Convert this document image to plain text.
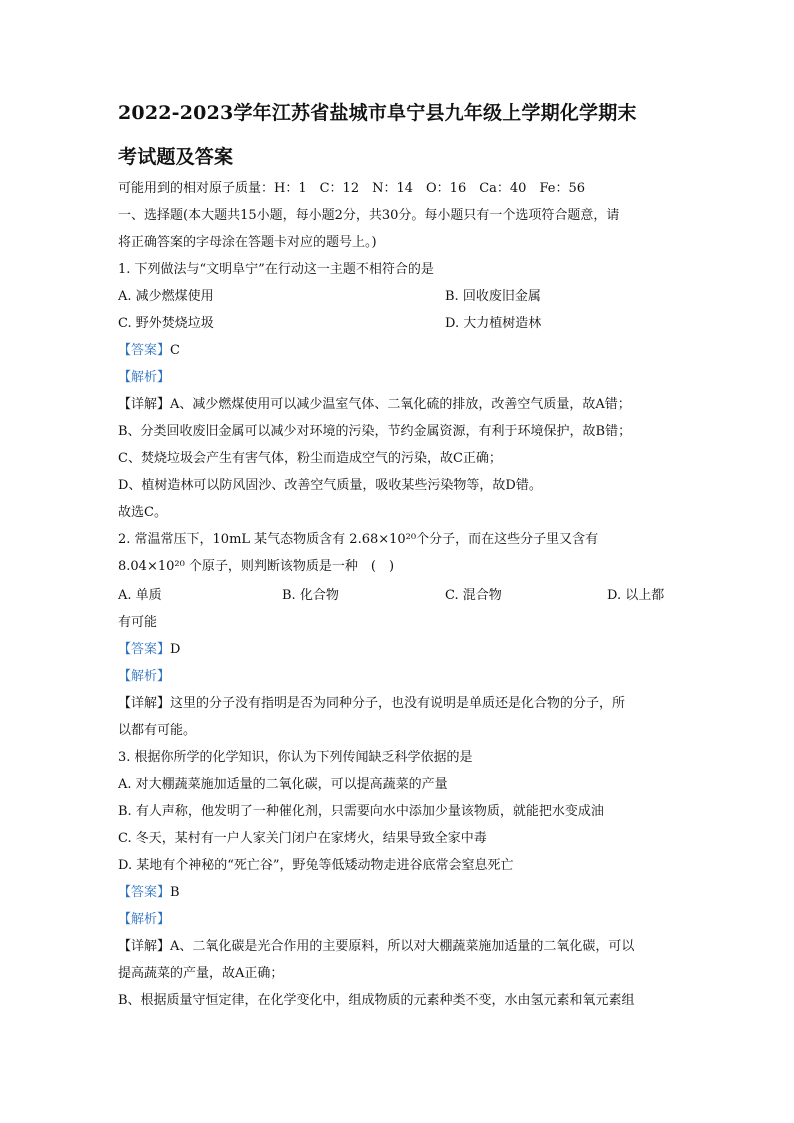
2022-2023学年江苏省盐城市阜宁县九年级上学期化学期末
考试题及答案
可能用到的相对原子质量：H：1　C：12　N：14　O：16　Ca：40　Fe：56
一、选择题(本大题共15小题，每小题2分，共30分。每小题只有一个选项符合题意，请
将正确答案的字母涂在答题卡对应的题号上。)
1. 下列做法与“文明阜宁”在行动这一主题不相符合的是
A. 减少燃煤使用	B. 回收废旧金属
C. 野外焚烧垃圾	D. 大力植树造林
【答案】C
【解析】
【详解】A、减少燃煤使用可以减少温室气体、二氧化硫的排放，改善空气质量，故A错；
B、分类回收废旧金属可以减少对环境的污染，节约金属资源，有利于环境保护，故B错；
C、焚烧垃圾会产生有害气体，粉尘而造成空气的污染，故C正确；
D、植树造林可以防风固沙、改善空气质量，吸收某些污染物等，故D错。
故选C。
2. 常温常压下，10mL 某气态物质含有 2.68×10²⁰个分子，而在这些分子里又含有
8.04×10²⁰ 个原子，则判断该物质是一种　(　)
A. 单质	B. 化合物	C. 混合物	D. 以上都
有可能
【答案】D
【解析】
【详解】这里的分子没有指明是否为同种分子，也没有说明是单质还是化合物的分子，所
以都有可能。
3. 根据你所学的化学知识，你认为下列传闻缺乏科学依据的是
A. 对大棚蔬菜施加适量的二氧化碳，可以提高蔬菜的产量
B. 有人声称，他发明了一种催化剂，只需要向水中添加少量该物质，就能把水变成油
C. 冬天，某村有一户人家关门闭户在家烤火，结果导致全家中毒
D. 某地有个神秘的“死亡谷”，野兔等低矮动物走进谷底常会窒息死亡
【答案】B
【解析】
【详解】A、二氧化碳是光合作用的主要原料，所以对大棚蔬菜施加适量的二氧化碳，可以
提高蔬菜的产量，故A正确；
B、根据质量守恒定律，在化学变化中，组成物质的元素种类不变，水由氢元素和氧元素组
